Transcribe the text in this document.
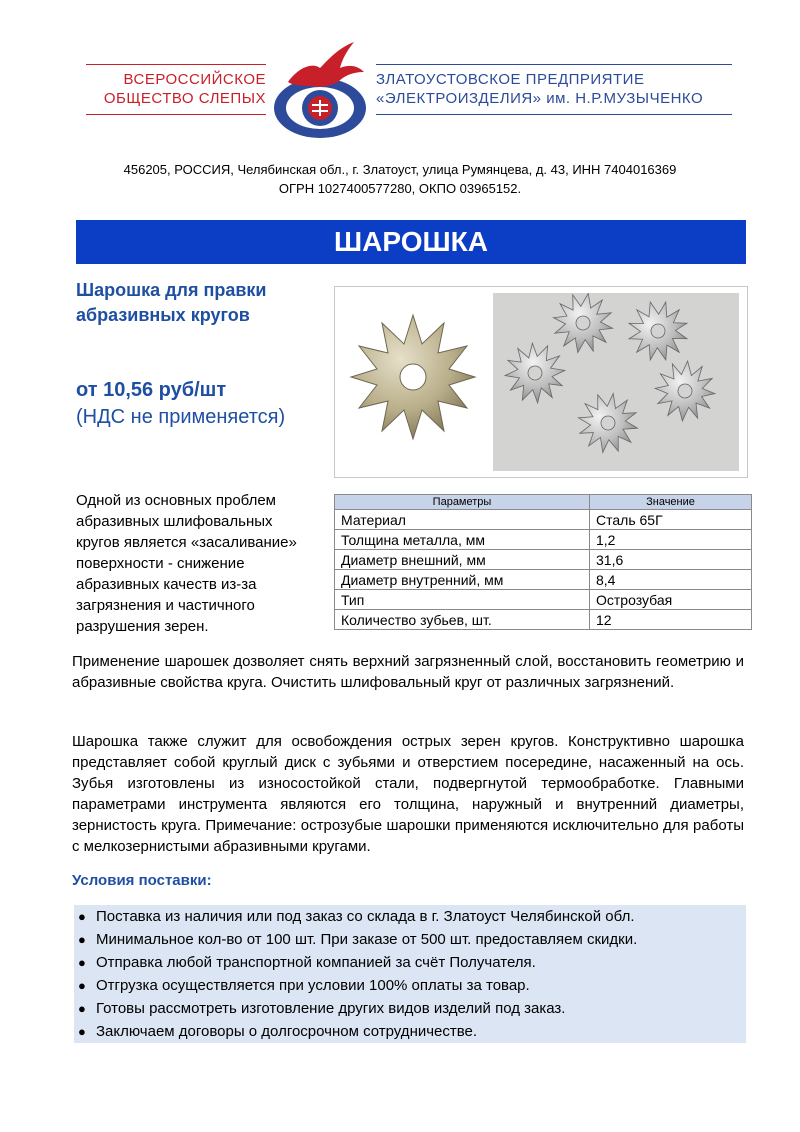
ВСЕРОССИЙСКОЕ
ОБЩЕСТВО СЛЕПЫХ
ЗЛАТОУСТОВСКОЕ ПРЕДПРИЯТИЕ
«ЭЛЕКТРОИЗДЕЛИЯ» им. Н.Р.МУЗЫЧЕНКО
456205, РОССИЯ, Челябинская обл., г. Златоуст, улица Румянцева, д. 43, ИНН 7404016369
ОГРН 1027400577280, ОКПО 03965152.
ШАРОШКА
Шарошка для правки абразивных кругов
от 10,56 руб/шт
(НДС не применяется)
Одной из основных проблем абразивных шлифовальных кругов является «засаливание» поверхности - снижение абразивных качеств из-за загрязнения и частичного разрушения зерен.
Параметры	Значение
Материал	Сталь 65Г
Толщина металла, мм	1,2
Диаметр внешний, мм	31,6
Диаметр внутренний, мм	8,4
Тип	Острозубая
Количество зубьев, шт.	12
Применение шарошек дозволяет снять верхний загрязненный слой, восстановить геометрию и абразивные свойства круга. Очистить шлифовальный круг от различных загрязнений.
Шарошка также служит для освобождения острых зерен кругов. Конструктивно шарошка представляет собой круглый диск с зубьями и отверстием посередине, насаженный на ось. Зубья изготовлены из износостойкой стали, подвергнутой термообработке. Главными параметрами инструмента являются его толщина, наружный и внутренний диаметры, зернистость круга. Примечание: острозубые шарошки применяются исключительно для работы с мелкозернистыми абразивными кругами.
Условия поставки:
● Поставка из наличия или под заказ со склада в г. Златоуст Челябинской обл.
● Минимальное кол-во от 100 шт. При заказе от 500 шт. предоставляем скидки.
● Отправка любой транспортной компанией за счёт Получателя.
● Отгрузка осуществляется при условии 100% оплаты за товар.
● Готовы рассмотреть изготовление других видов изделий под заказ.
● Заключаем договоры о долгосрочном сотрудничестве.
